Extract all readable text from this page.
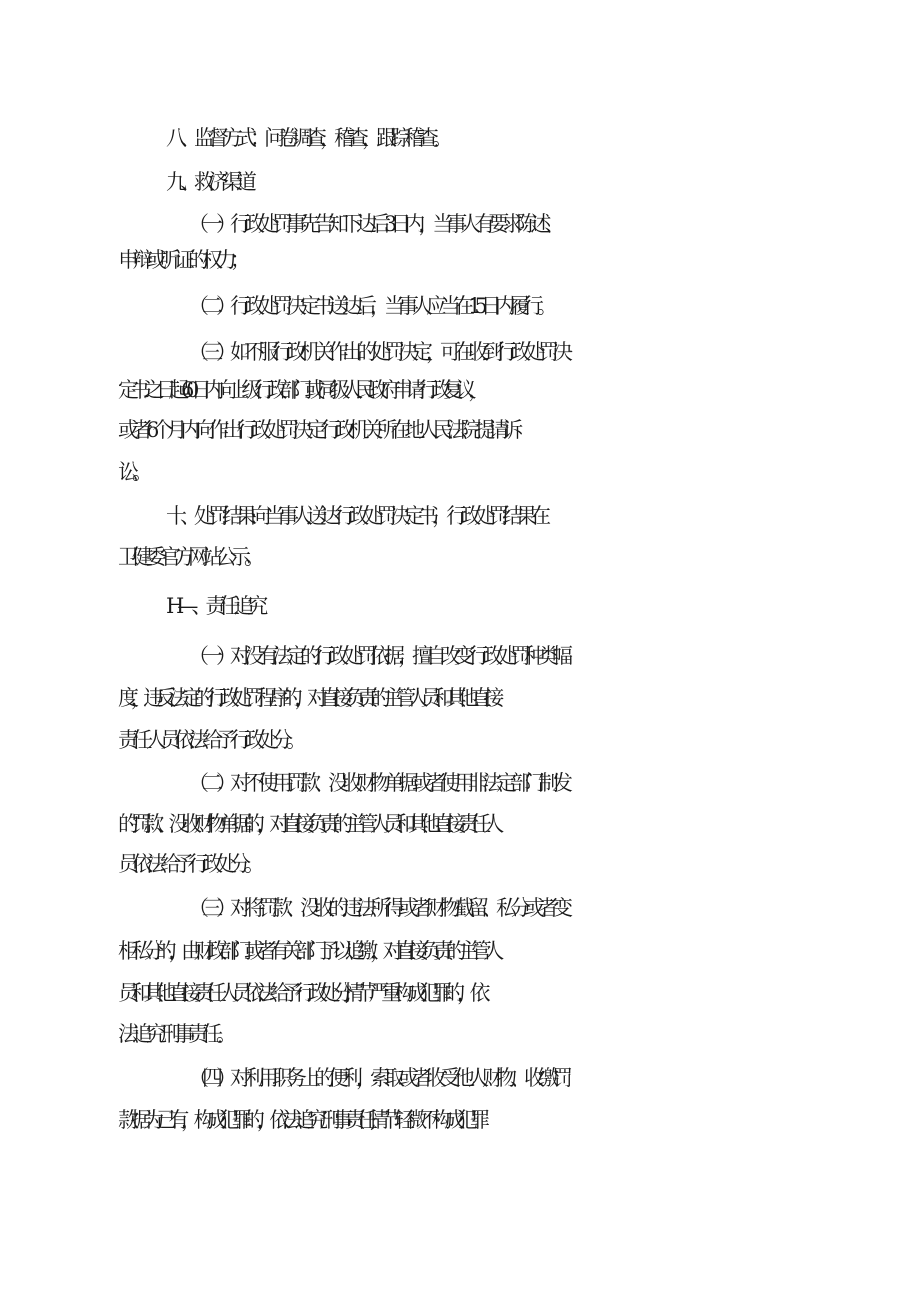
八、监督方式：问卷调查，稽查，跟踪稽查。
九、救济渠道
（一）行政处罚事先告知下达后3日内，当事人有要求陈述、
申辩或听证的权力；
（二）行政处罚决定书送达后，当事人应当在15日内履行。
（三）如不服行政机关作出的处罚决定，可在收到行政处罚决
定书之日起60日内向上级行政部门或同级人民政府申请行政复议，
或者6个月内向作出行政处罚决定行政机关所在地人民法院提请诉
讼。
十、处罚结果:向当事人送达行政处罚决定书，行政处罚结果在
卫健委官方网站公示。
H—、责任追究
（一）对没有法定的行政处罚依据，擅自改变行政处罚种类幅
度，违反法定的行政处罚程序的，对直接负责的主管人员和其他直接
责任人员依法给予行政处分。
（二）对不使用罚款、没收财物单据或者使用非法定部门制发
的罚款、没收财物单据的，对直接负责的主管人员和其他直接责任人
员依法给予行政处分。
（三）对将罚款、没收的违法所得或者财物截留、私分或者变
相私分的，由财政部门或者有关部门予以追缴，对直接负责的主管人
员和其他直接责任人员依法给予行政处分;情节严重构成犯罪的，依
法追究刑事责任。
（四）对利用职务上的便利，索取或者收受他人财物、收缴罚
款据为己有，构成犯罪的，依法追究刑事责任;情节轻微不构成犯罪
